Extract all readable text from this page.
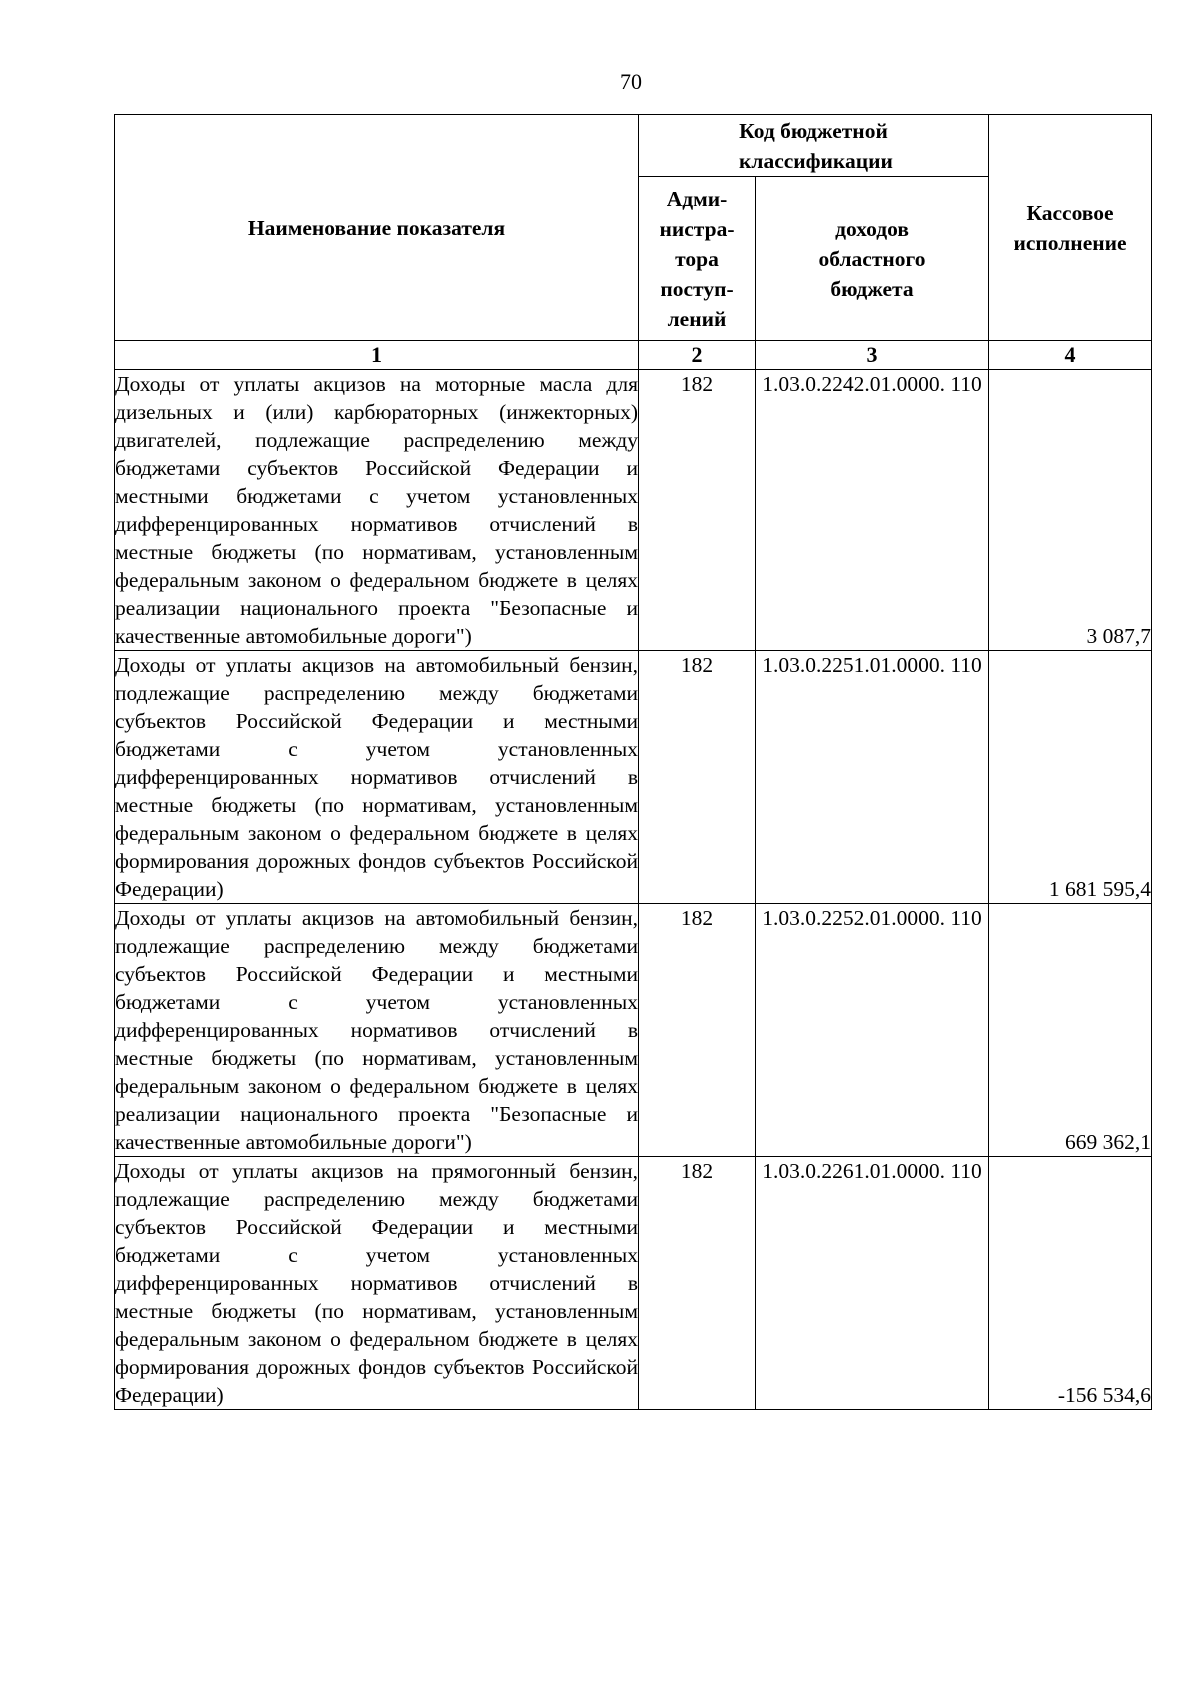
70
Наименование показателя	Код бюджетной классификации		Кассовое исполнение
	Адми-нистра-тора поступ-лений	доходов областного бюджета	
1	2	3	4
Доходы от уплаты акцизов на моторные масла для дизельных и (или) карбюраторных (инжекторных) двигателей, подлежащие распределению между бюджетами субъектов Российской Федерации и местными бюджетами с учетом установленных дифференцированных нормативов отчислений в местные бюджеты (по нормативам, установленным федеральным законом о федеральном бюджете в целях реализации национального проекта "Безопасные и качественные автомобильные дороги")	182	1.03.0.2242.01.0000. 110	3 087,7
Доходы от уплаты акцизов на автомобильный бензин, подлежащие распределению между бюджетами субъектов Российской Федерации и местными бюджетами с учетом установленных дифференцированных нормативов отчислений в местные бюджеты (по нормативам, установленным федеральным законом о федеральном бюджете в целях формирования дорожных фондов субъектов Российской Федерации)	182	1.03.0.2251.01.0000. 110	1 681 595,4
Доходы от уплаты акцизов на автомобильный бензин, подлежащие распределению между бюджетами субъектов Российской Федерации и местными бюджетами с учетом установленных дифференцированных нормативов отчислений в местные бюджеты (по нормативам, установленным федеральным законом о федеральном бюджете в целях реализации национального проекта "Безопасные и качественные автомобильные дороги")	182	1.03.0.2252.01.0000. 110	669 362,1
Доходы от уплаты акцизов на прямогонный бензин, подлежащие распределению между бюджетами субъектов Российской Федерации и местными бюджетами с учетом установленных дифференцированных нормативов отчислений в местные бюджеты (по нормативам, установленным федеральным законом о федеральном бюджете в целях формирования дорожных фондов субъектов Российской Федерации)	182	1.03.0.2261.01.0000. 110	-156 534,6
